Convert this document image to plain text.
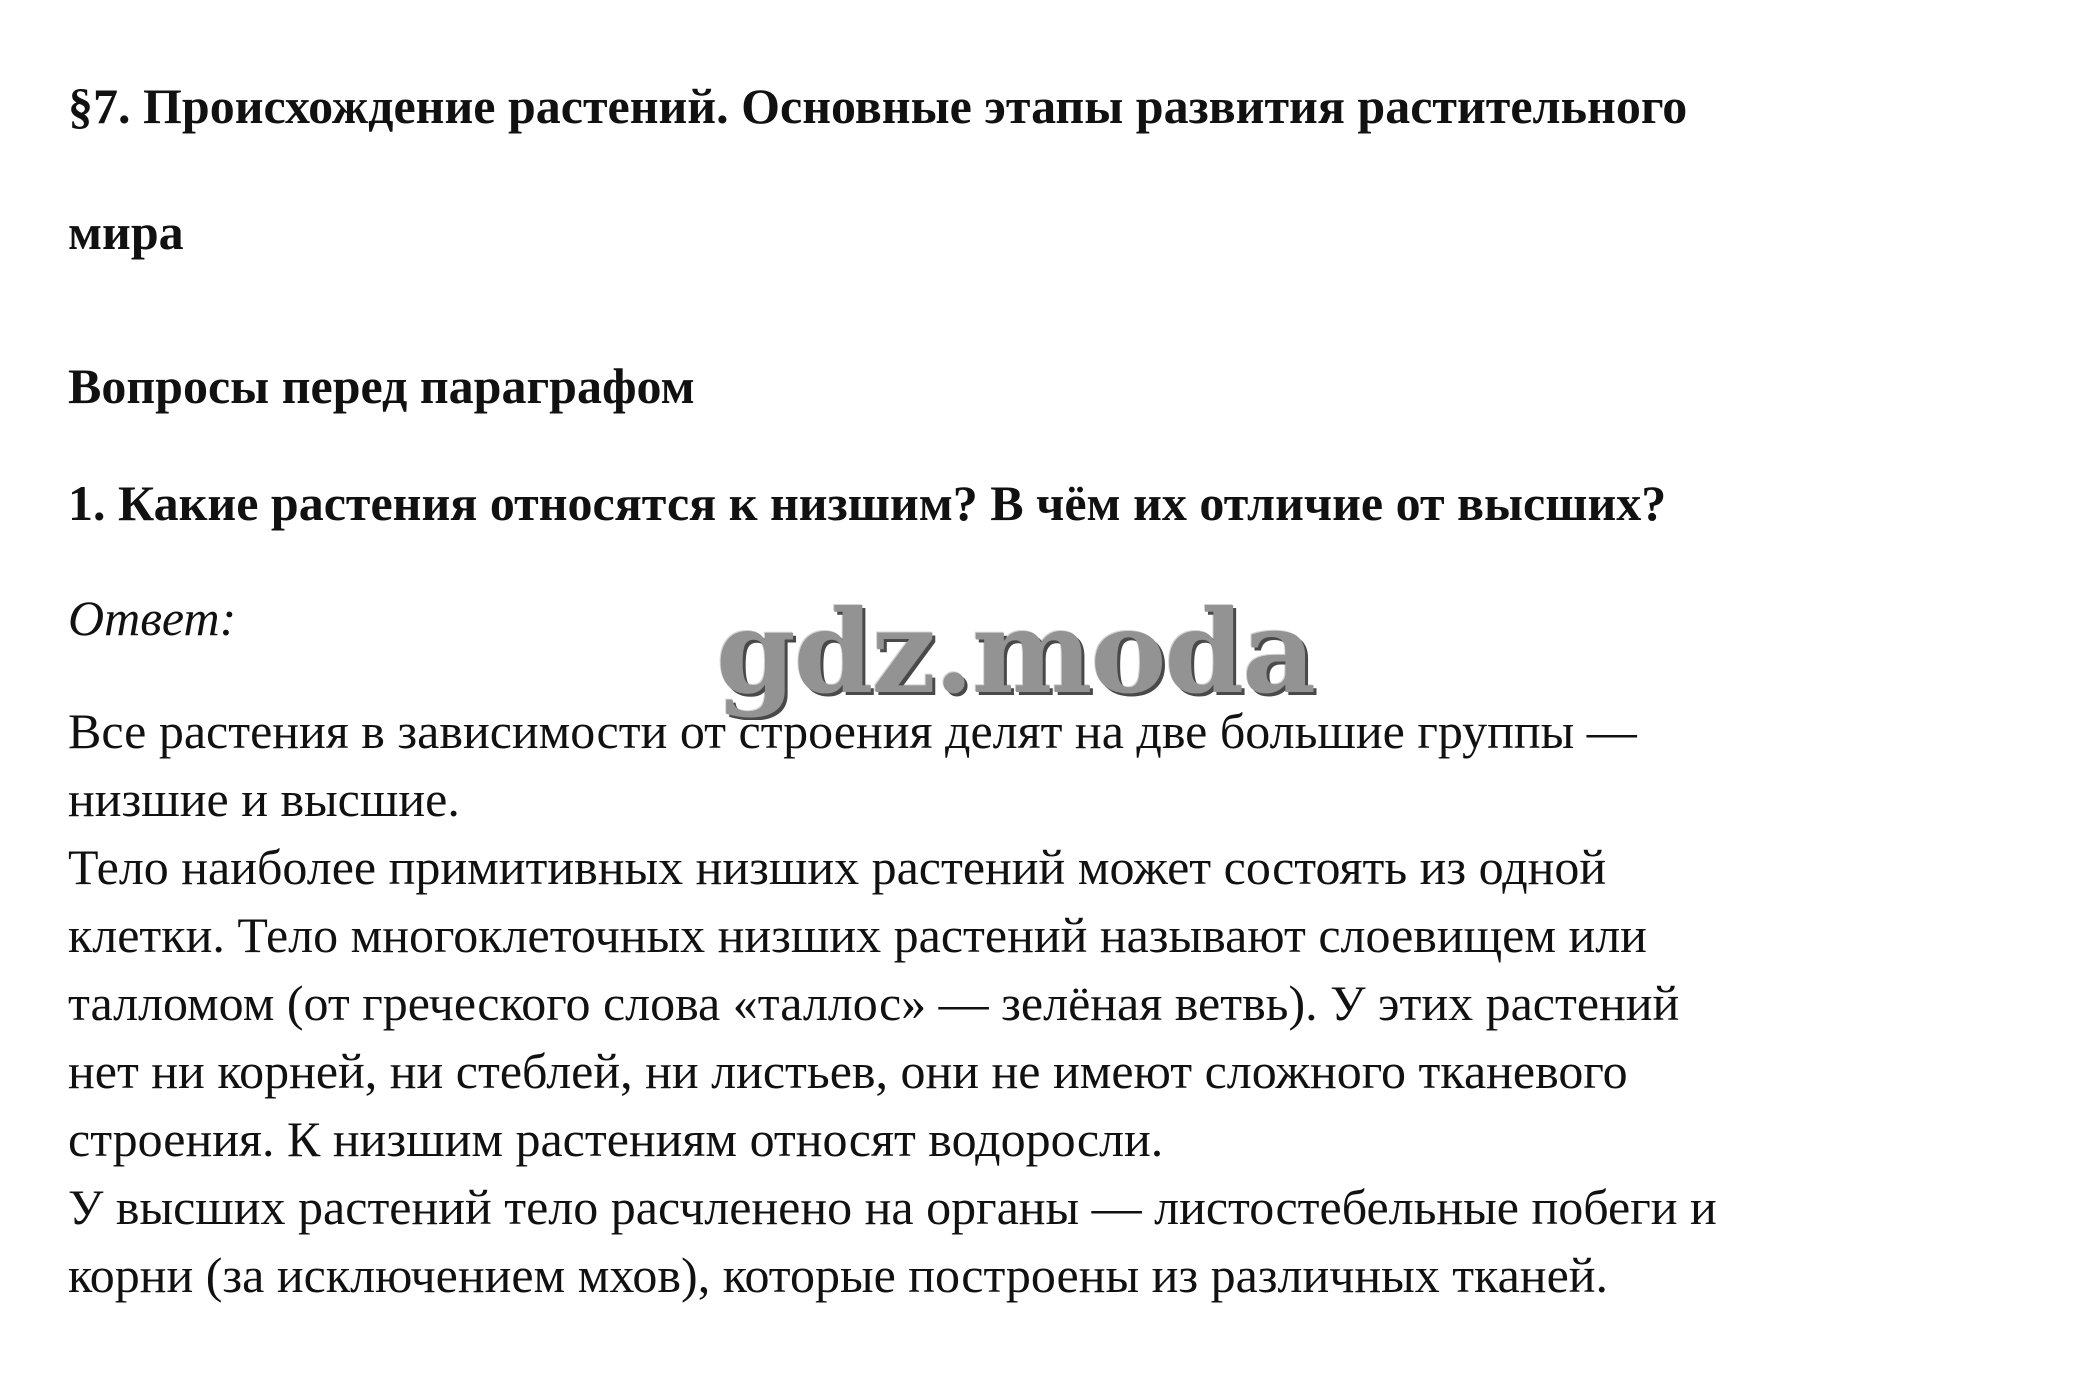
§7. Происхождение растений. Основные этапы развития растительного
мира
Вопросы перед параграфом
1. Какие растения относятся к низшим? В чём их отличие от высших?
Ответ:
Все растения в зависимости от строения делят на две большие группы —
низшие и высшие.
Тело наиболее примитивных низших растений может состоять из одной
клетки. Тело многоклеточных низших растений называют слоевищем или
талломом (от греческого слова «таллос» — зелёная ветвь). У этих растений
нет ни корней, ни стеблей, ни листьев, они не имеют сложного тканевого
строения. К низшим растениям относят водоросли.
У высших растений тело расчленено на органы — листостебельные побеги и
корни (за исключением мхов), которые построены из различных тканей.
gdz.moda
